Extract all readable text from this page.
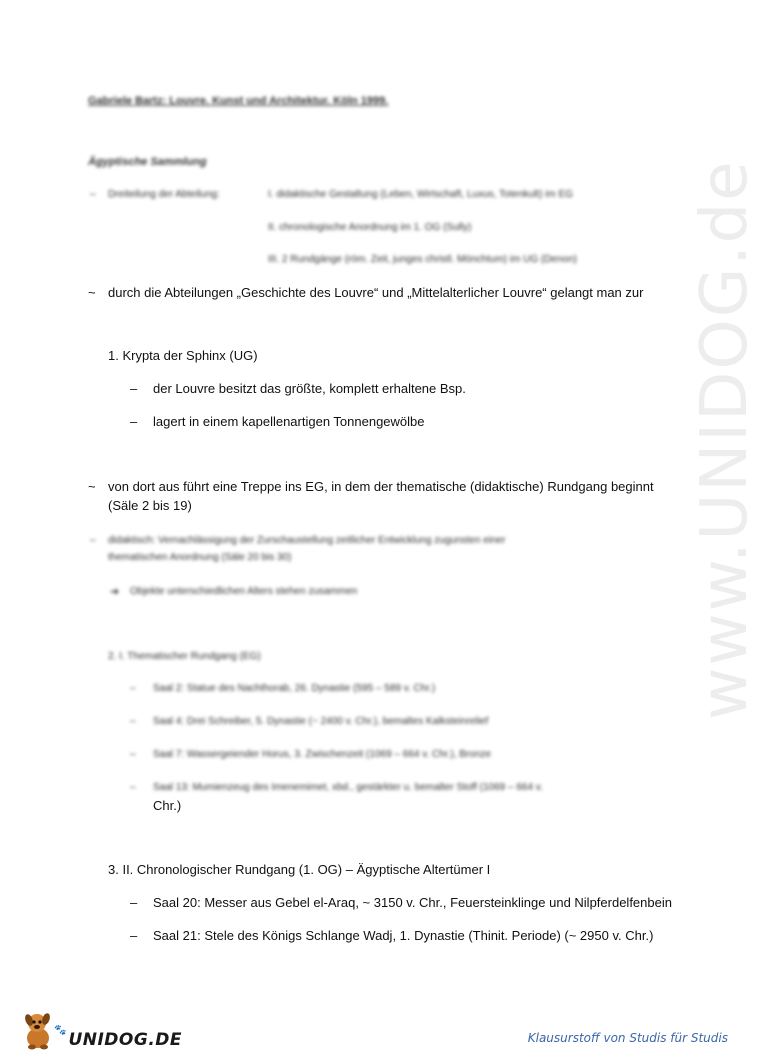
www.UNIDOG.de
Gabriele Bartz: Louvre. Kunst und Architektur. Köln 1999.
Ägyptische Sammlung
– Dreiteilung der Abteilung:	I. didaktische Gestaltung (Leben, Wirtschaft, Luxus, Totenkult) im EG
II. chronologische Anordnung im 1. OG (Sully)
III. 2 Rundgänge (röm. Zeit, junges christl. Mönchtum) im UG (Denon)
~ durch die Abteilungen „Geschichte des Louvre“ und „Mittelalterlicher Louvre“ gelangt man zur
1. Krypta der Sphinx (UG)
– der Louvre besitzt das größte, komplett erhaltene Bsp.
– lagert in einem kapellenartigen Tonnengewölbe
~ von dort aus führt eine Treppe ins EG, in dem der thematische (didaktische) Rundgang beginnt
(Säle 2 bis 19)
– didaktisch: Vernachlässigung der Zurschaustellung zeitlicher Entwicklung zugunsten einer
thematischen Anordnung (Säle 20 bis 30)
➔ Objekte unterschiedlichen Alters stehen zusammen
2. I. Thematischer Rundgang (EG)
– Saal 2: Statue des Nachthorab, 26. Dynastie (595 – 589 v. Chr.)
– Saal 4: Drei Schreiber, 5. Dynastie (~ 2400 v. Chr.), bemaltes Kalksteinrelief
– Saal 7: Wassergeiender Horus, 3. Zwischenzeit (1069 – 664 v. Chr.), Bronze
– Saal 13: Mumienzeug des Imenemimet, xbd., gestärkter u. bemalter Stoff (1069 – 664 v.
Chr.)
3. II. Chronologischer Rundgang (1. OG) – Ägyptische Altertümer I
– Saal 20: Messer aus Gebel el-Araq, ~ 3150 v. Chr., Feuersteinklinge und Nilpferdelfenbein
– Saal 21: Stele des Königs Schlange Wadj, 1. Dynastie (Thinit. Periode) (~ 2950 v. Chr.)
🐾 UNIDOG.DE	Klausurstoff von Studis für Studis
